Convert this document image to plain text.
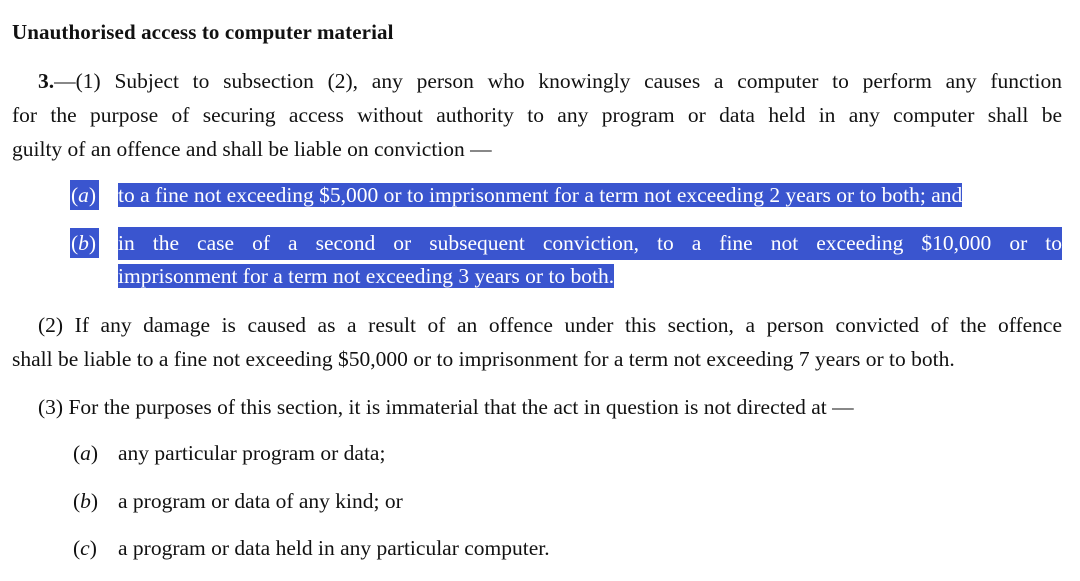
Unauthorised access to computer material
3.—(1) Subject to subsection (2), any person who knowingly causes a computer to perform any function
for the purpose of securing access without authority to any program or data held in any computer shall be
guilty of an offence and shall be liable on conviction —
(a)	to a fine not exceeding $5,000 or to imprisonment for a term not exceeding 2 years or to both; and
(b)	in the case of a second or subsequent conviction, to a fine not exceeding $10,000 or to
imprisonment for a term not exceeding 3 years or to both.
(2) If any damage is caused as a result of an offence under this section, a person convicted of the offence
shall be liable to a fine not exceeding $50,000 or to imprisonment for a term not exceeding 7 years or to both.
(3) For the purposes of this section, it is immaterial that the act in question is not directed at —
(a) any particular program or data;
(b) a program or data of any kind; or
(c) a program or data held in any particular computer.
